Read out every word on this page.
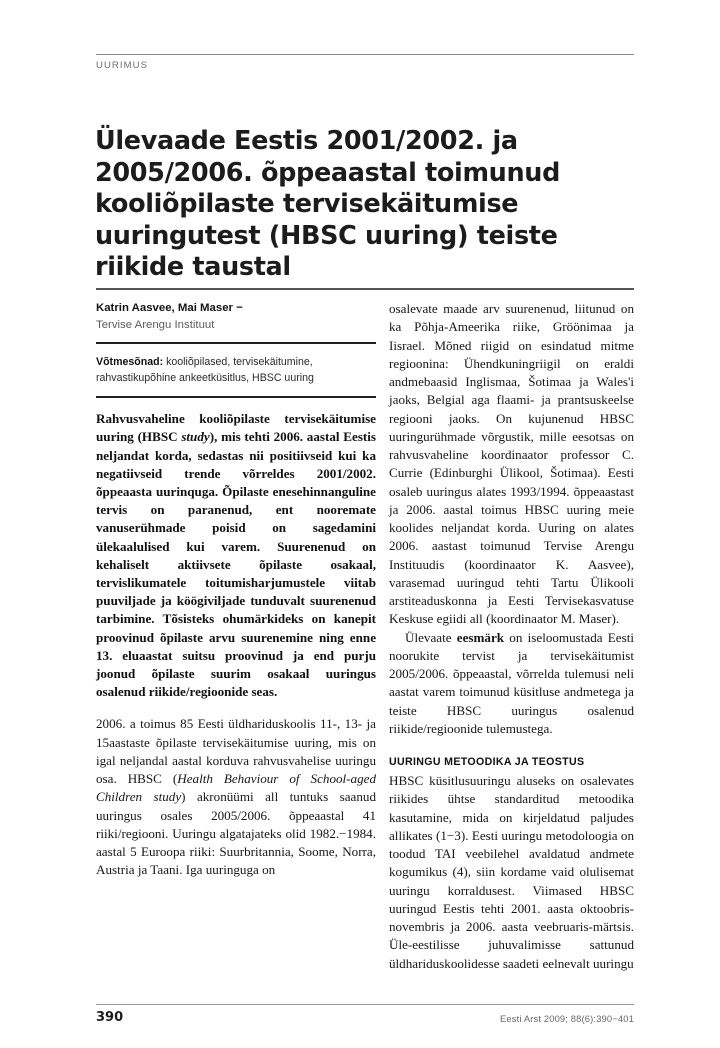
UURIMUS
Ülevaade Eestis 2001/2002. ja 2005/2006. õppeaastal toimunud kooliõpilaste tervisekäitumise uuringutest (HBSC uuring) teiste riikide taustal
Katrin Aasvee, Mai Maser −
Tervise Arengu Instituut
Võtmesõnad: kooliõpilased, tervisekäitumine, rahvastikupõhine ankeetküsitlus, HBSC uuring
Rahvusvaheline kooliõpilaste tervisekäitumise uuring (HBSC study), mis tehti 2006. aastal Eestis neljandat korda, sedastas nii positiivseid kui ka negatiivseid trende võrreldes 2001/2002. õppeaasta uurinquga. Õpilaste enesehinnanguline tervis on paranenud, ent nooremate vanuserühmade poisid on sagedamini ülekaalulised kui varem. Suurenenud on kehaliselt aktiivsete õpilaste osakaal, tervislikumatele toitumisharjumustele viitab puuviljade ja köögiviljade tunduvalt suurenenud tarbimine. Tõsisteks ohumärkideks on kanepit proovinud õpilaste arvu suurenemine ning enne 13. eluaastat suitsu proovinud ja end purju joonud õpilaste suurim osakaal uuringus osalenud riikide/regioonide seas.
2006. a toimus 85 Eesti üldhariduskoolis 11-, 13- ja 15aastaste õpilaste tervisekäitumise uuring, mis on igal neljandal aastal korduva rahvusvahelise uuringu osa. HBSC (Health Behaviour of School-aged Children study) akronüümi all tuntuks saanud uuringus osales 2005/2006. õppeaastal 41 riiki/regiooni. Uuringu algatajateks olid 1982.−1984. aastal 5 Euroopa riiki: Suurbritannia, Soome, Norra, Austria ja Taani. Iga uuringuga on

osalevate maade arv suurenenud, liitunud on ka Põhja-Ameerika riike, Gröönimaa ja Iisrael. Mõned riigid on esindatud mitme regioonina: Ühendkuningriigil on eraldi andmebaasid Inglismaa, Šotimaa ja Wales'i jaoks, Belgial aga flaami- ja prantsuskeelse regiooni jaoks. On kujunenud HBSC uuringurühmade võrgustik, mille eesotsas on rahvusvaheline koordinaator professor C. Currie (Edinburghi Ülikool, Šotimaa). Eesti osaleb uuringus alates 1993/1994. õppeaastast ja 2006. aastal toimus HBSC uuring meie koolides neljandat korda. Uuring on alates 2006. aastast toimunud Tervise Arengu Instituudis (koordinaator K. Aasvee), varasemad uuringud tehti Tartu Ülikooli arstiteaduskonna ja Eesti Tervisekasvatuse Keskuse egiidi all (koordinaator M. Maser).

Ülevaate eesmärk on iseloomustada Eesti noorukite tervist ja tervisekäitumist 2005/2006. õppeaastal, võrrelda tulemusi neli aastat varem toimunud küsitluse andmetega ja teiste HBSC uuringus osalenud riikide/regioonide tulemustega.

UURINGU METOODIKA JA TEOSTUS

HBSC küsitlusuuringu aluseks on osalevates riikides ühtse standarditud metoodika kasutamine, mida on kirjeldatud paljudes allikates (1−3). Eesti uuringu metodoloogia on toodud TAI veebilehel avaldatud andmete kogumikus (4), siin kordame vaid olulisemat uuringu korraldusest. Viimased HBSC uuringud Eestis tehti 2001. aasta oktoobris-novembris ja 2006. aasta veebruaris-märtsis. Üle-eestilisse juhuvalimisse sattunud üldhariduskoolidesse saadeti eelnevalt uuringu

390	Eesti Arst 2009; 88(6):390−401
